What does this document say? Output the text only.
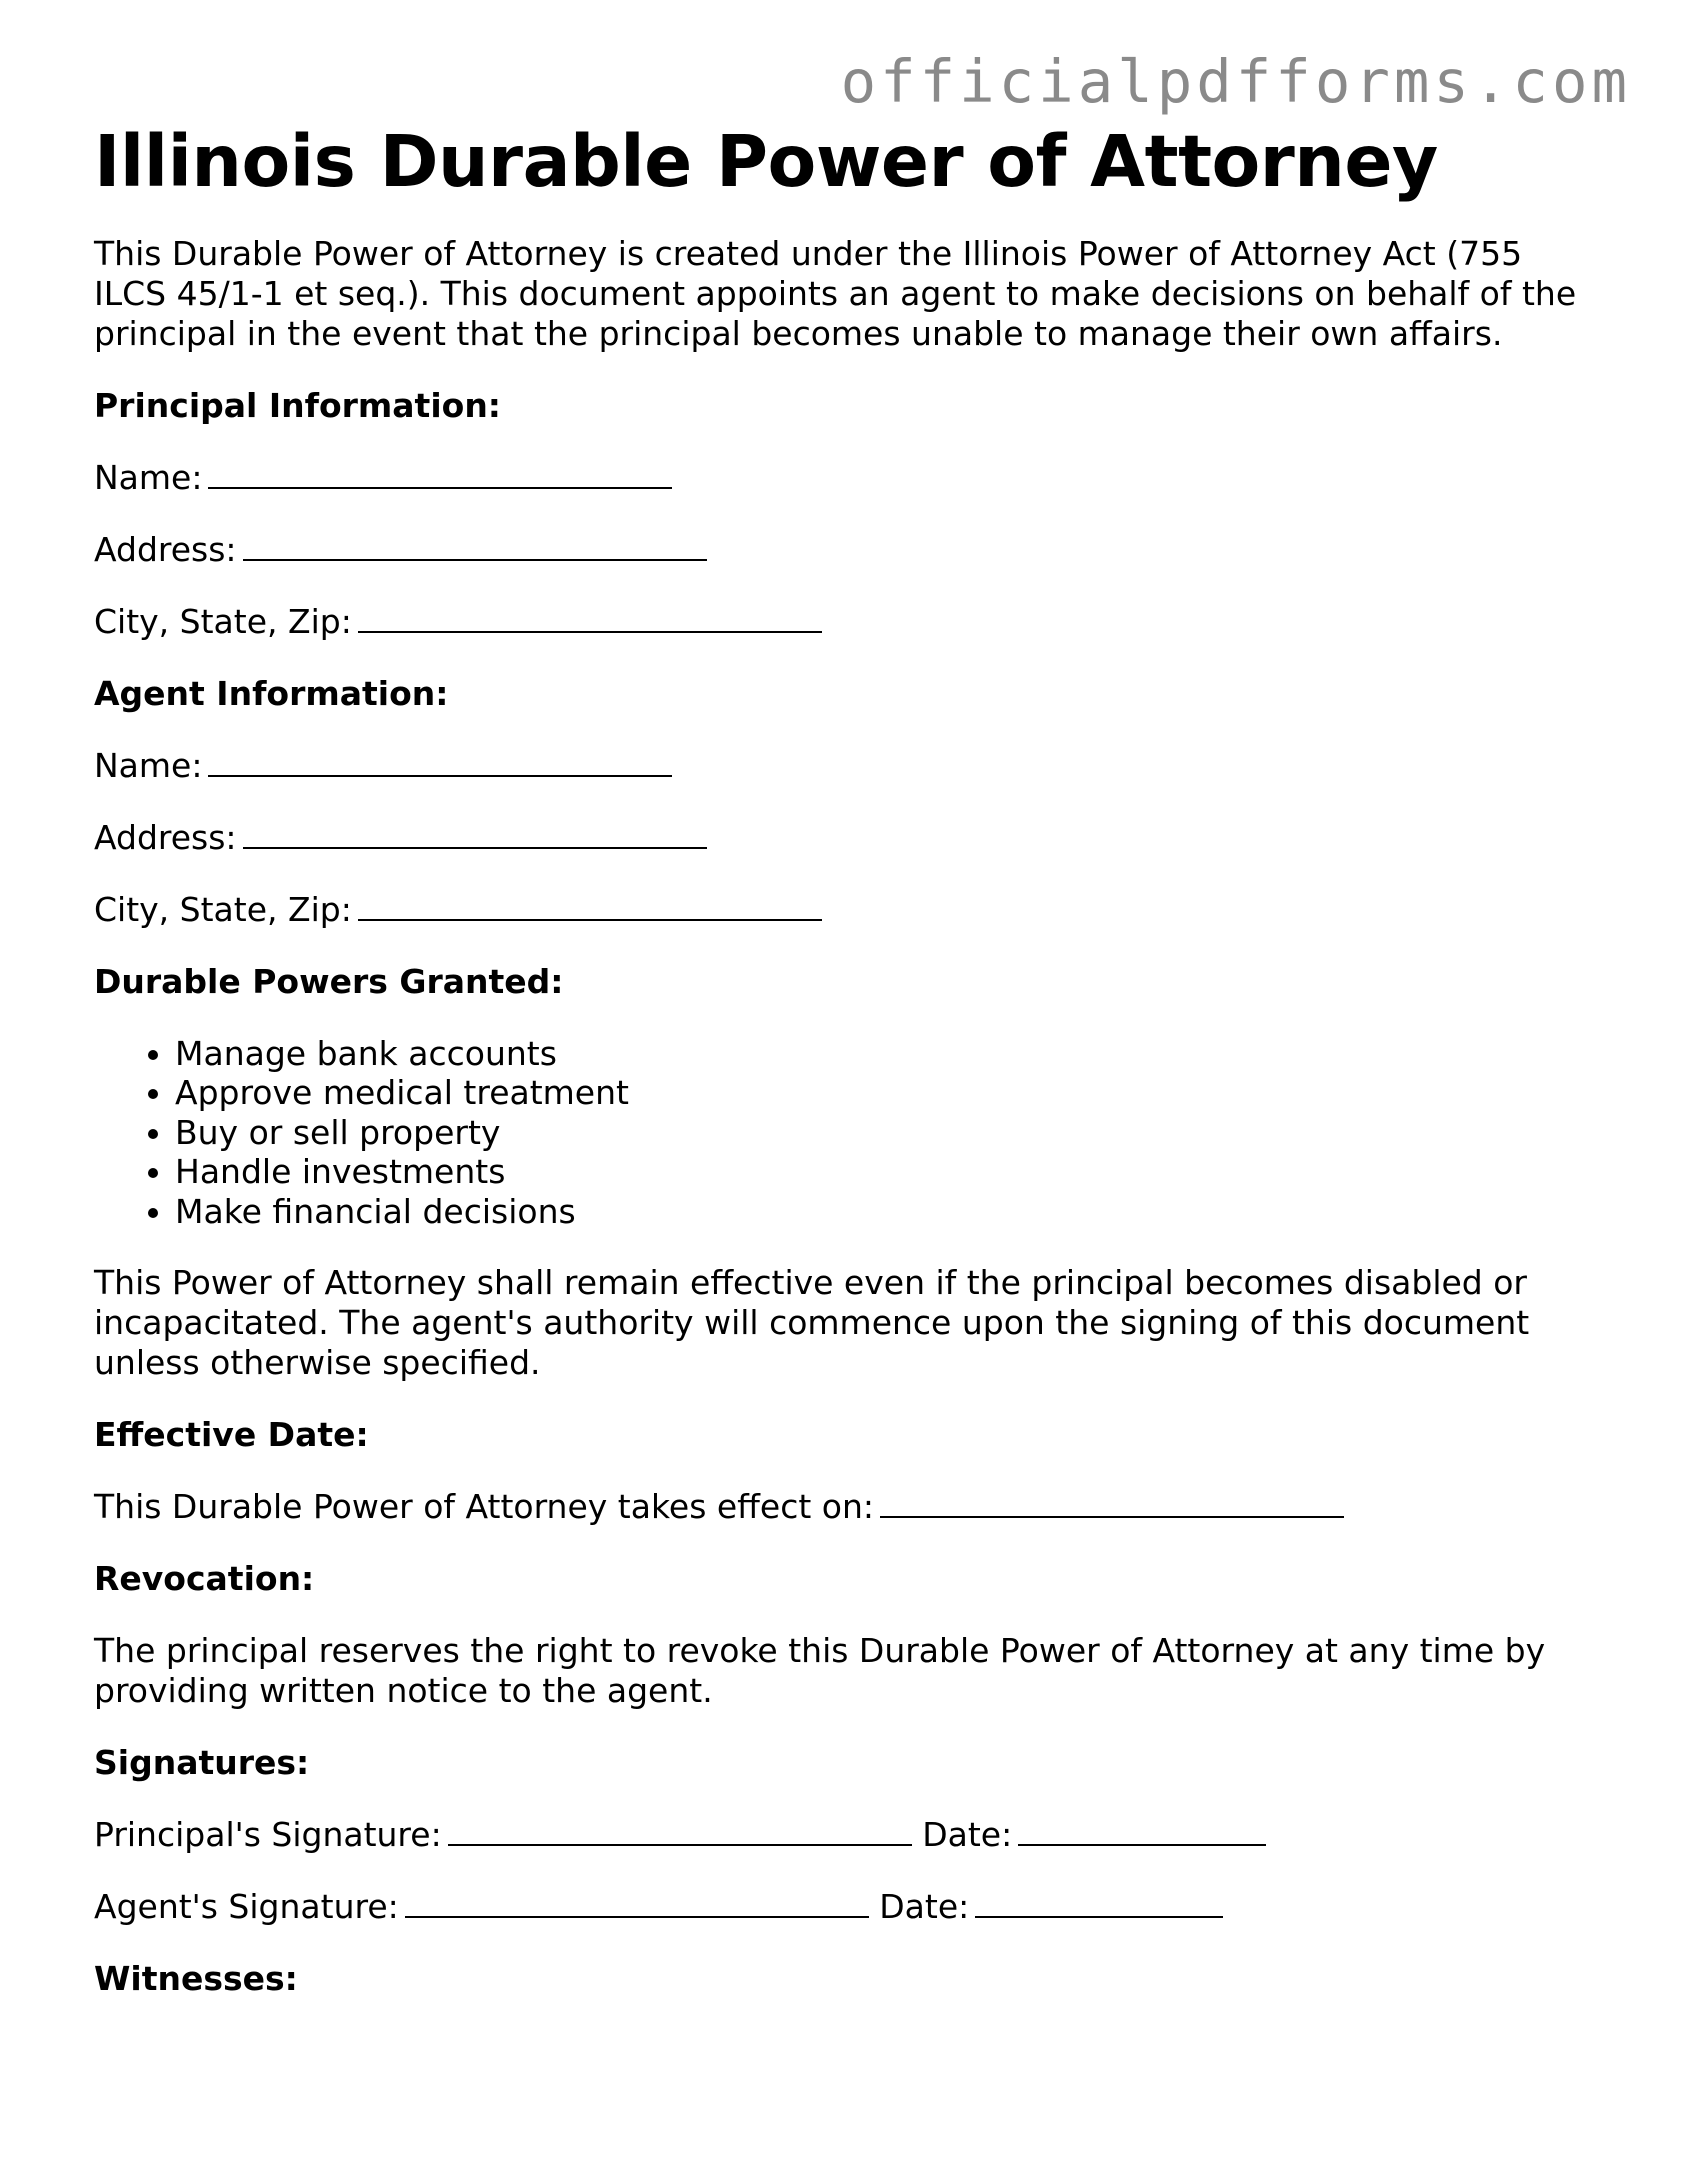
officialpdfforms.com
Illinois Durable Power of Attorney

This Durable Power of Attorney is created under the Illinois Power of Attorney Act (755 ILCS 45/1-1 et seq.). This document appoints an agent to make decisions on behalf of the principal in the event that the principal becomes unable to manage their own affairs.

Principal Information:
Name:
Address:
City, State, Zip:
Agent Information:
Name:
Address:
City, State, Zip:
Durable Powers Granted:
• Manage bank accounts
• Approve medical treatment
• Buy or sell property
• Handle investments
• Make financial decisions

This Power of Attorney shall remain effective even if the principal becomes disabled or incapacitated. The agent's authority will commence upon the signing of this document unless otherwise specified.

Effective Date:
This Durable Power of Attorney takes effect on:
Revocation:

The principal reserves the right to revoke this Durable Power of Attorney at any time by providing written notice to the agent.

Signatures:
Principal's Signature:	Date:
Agent's Signature:	Date:
Witnesses:
